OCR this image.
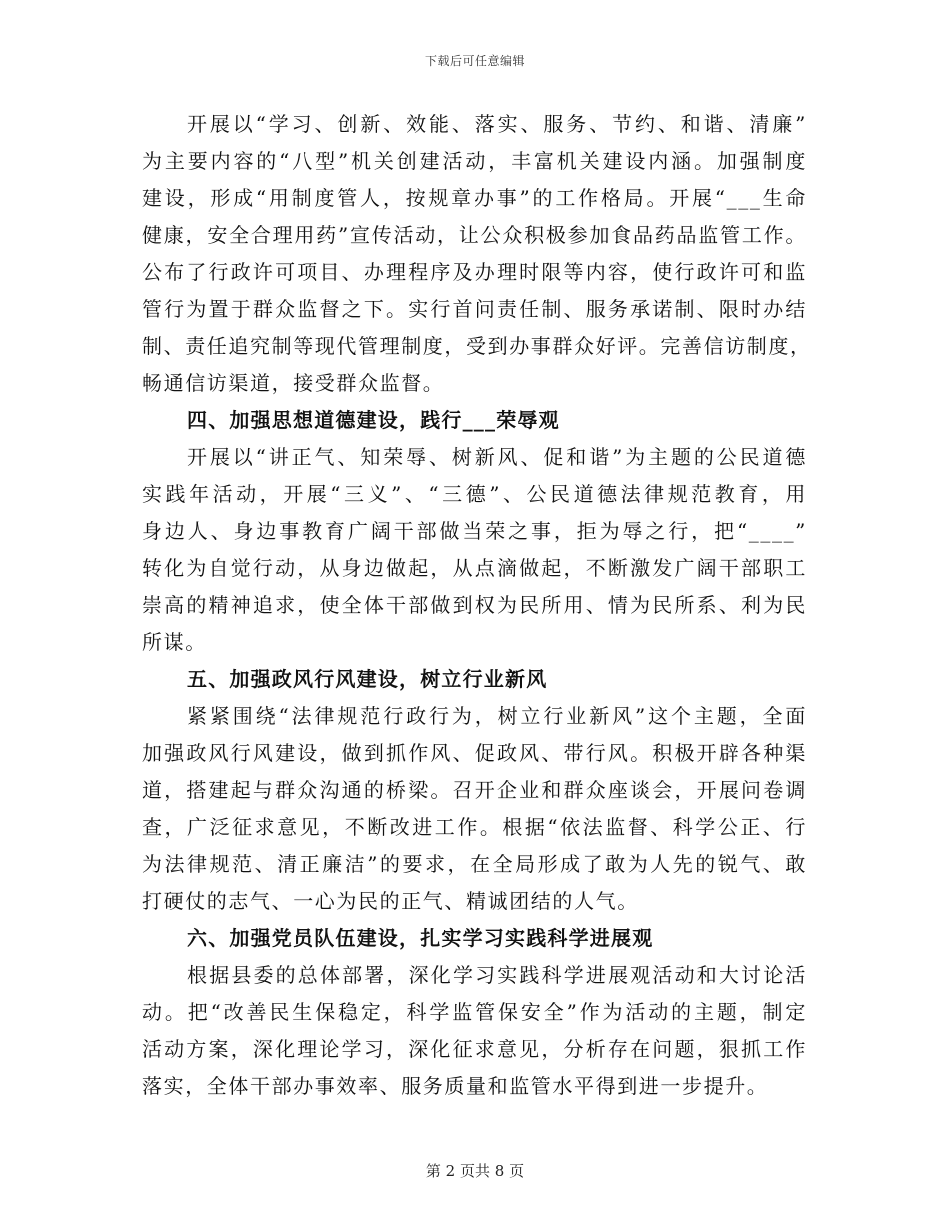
下载后可任意编辑
开展以“学习、创新、效能、落实、服务、节约、和谐、清廉”
为主要内容的“八型”机关创建活动，丰富机关建设内涵。加强制度
建设，形成“用制度管人，按规章办事”的工作格局。开展“___生命
健康，安全合理用药”宣传活动，让公众积极参加食品药品监管工作。
公布了行政许可项目、办理程序及办理时限等内容，使行政许可和监
管行为置于群众监督之下。实行首问责任制、服务承诺制、限时办结
制、责任追究制等现代管理制度，受到办事群众好评。完善信访制度，
畅通信访渠道，接受群众监督。
四、加强思想道德建设，践行___荣辱观
开展以“讲正气、知荣辱、树新风、促和谐”为主题的公民道德
实践年活动，开展“三义”、“三德”、公民道德法律规范教育，用
身边人、身边事教育广阔干部做当荣之事，拒为辱之行，把“____”
转化为自觉行动，从身边做起，从点滴做起，不断激发广阔干部职工
崇高的精神追求，使全体干部做到权为民所用、情为民所系、利为民
所谋。
五、加强政风行风建设，树立行业新风
紧紧围绕“法律规范行政行为，树立行业新风”这个主题，全面
加强政风行风建设，做到抓作风、促政风、带行风。积极开辟各种渠
道，搭建起与群众沟通的桥梁。召开企业和群众座谈会，开展问卷调
查，广泛征求意见，不断改进工作。根据“依法监督、科学公正、行
为法律规范、清正廉洁”的要求，在全局形成了敢为人先的锐气、敢
打硬仗的志气、一心为民的正气、精诚团结的人气。
六、加强党员队伍建设，扎实学习实践科学进展观
根据县委的总体部署，深化学习实践科学进展观活动和大讨论活
动。把“改善民生保稳定，科学监管保安全”作为活动的主题，制定
活动方案，深化理论学习，深化征求意见，分析存在问题，狠抓工作
落实，全体干部办事效率、服务质量和监管水平得到进一步提升。
第 2 页共 8 页
